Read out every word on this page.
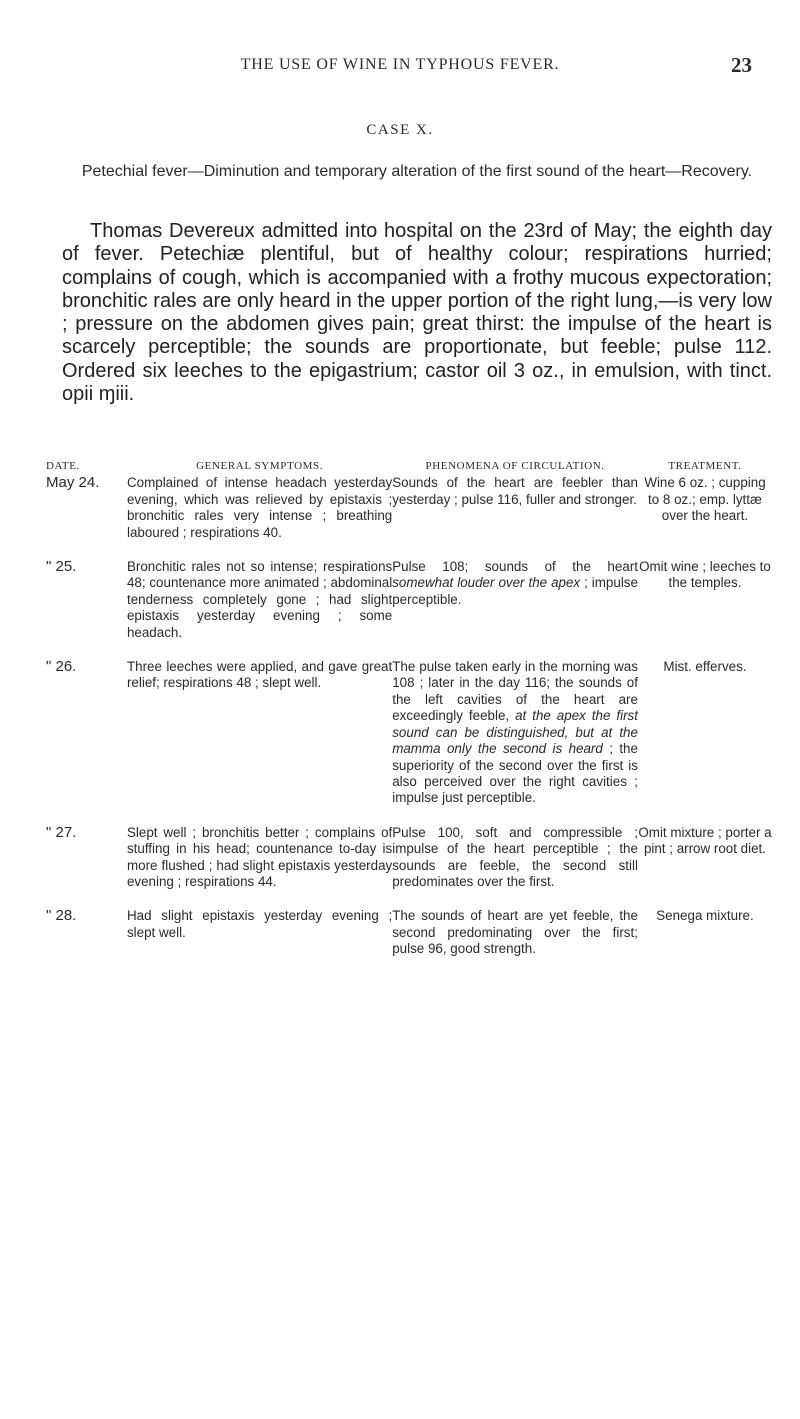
THE USE OF WINE IN TYPHOUS FEVER.	23
CASE X.
Petechial fever—Diminution and temporary alteration of the first sound of the heart—Recovery.
Thomas Devereux admitted into hospital on the 23rd of May; the eighth day of fever. Petechiæ plentiful, but of healthy colour; respirations hurried; complains of cough, which is accompanied with a frothy mucous expectoration; bronchitic rales are only heard in the upper portion of the right lung,—is very low ; pressure on the abdomen gives pain; great thirst: the impulse of the heart is scarcely perceptible; the sounds are proportionate, but feeble; pulse 112. Ordered six leeches to the epigastrium; castor oil 3 oz., in emulsion, with tinct. opii ɱiii.
DATE.	GENERAL SYMPTOMS.	PHENOMENA OF CIRCULATION.	TREATMENT.
May 24.	Complained of intense headach yesterday evening, which was relieved by epistaxis ; bronchitic rales very intense ; breathing laboured ; respirations 40.	Sounds of the heart are feebler than yesterday ; pulse 116, fuller and stronger.	Wine 6 oz. ; cupping to 8 oz.; emp. lyttæ over the heart.
" 25.	Bronchitic rales not so intense; respirations 48; countenance more animated ; abdominal tenderness completely gone ; had slight epistaxis yesterday evening ; some headach.	Pulse 108; sounds of the heart somewhat louder over the apex ; impulse perceptible.	Omit wine ; leeches to the temples.
" 26.	Three leeches were applied, and gave great relief; respirations 48 ; slept well.	The pulse taken early in the morning was 108 ; later in the day 116; the sounds of the left cavities of the heart are exceedingly feeble, at the apex the first sound can be distinguished, but at the mamma only the second is heard ; the superiority of the second over the first is also perceived over the right cavities ; impulse just perceptible.	Mist. efferves.
" 27.	Slept well ; bronchitis better ; complains of stuffing in his head; countenance to-day is more flushed ; had slight epistaxis yesterday evening ; respirations 44.	Pulse 100, soft and compressible ; impulse of the heart perceptible ; the sounds are feeble, the second still predominates over the first.	Omit mixture ; porter a pint ; arrow root diet.
" 28.	Had slight epistaxis yesterday evening ; slept well.	The sounds of heart are yet feeble, the second predominating over the first; pulse 96, good strength.	Senega mixture.
